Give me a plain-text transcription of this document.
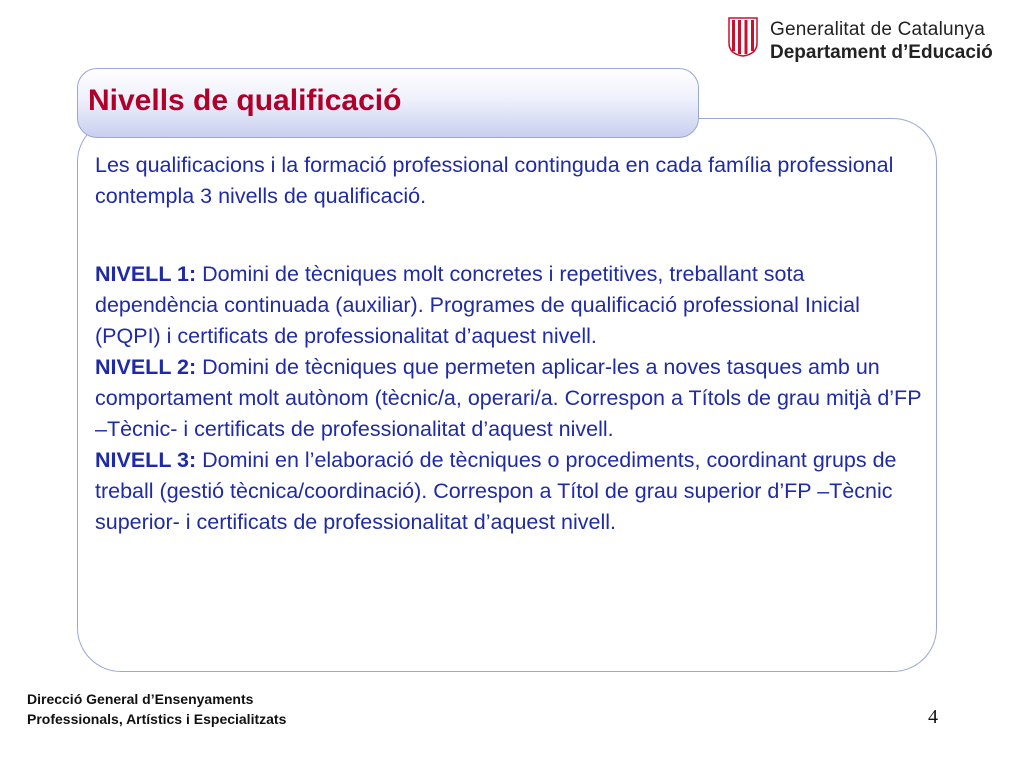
Generalitat de Catalunya
Departament d’Educació
Nivells de qualificació

Les qualificacions i la formació professional continguda en cada família professional contempla 3 nivells de qualificació.

NIVELL 1: Domini de tècniques molt concretes i repetitives, treballant sota dependència continuada (auxiliar). Programes de qualificació professional Inicial (PQPI) i certificats de professionalitat d’aquest nivell.

NIVELL 2: Domini de tècniques que permeten aplicar-les a noves tasques amb un comportament molt autònom (tècnic/a, operari/a. Correspon a Títols de grau mitjà d’FP –Tècnic- i certificats de professionalitat d’aquest nivell.

NIVELL 3: Domini en l’elaboració de tècniques o procediments, coordinant grups de treball (gestió tècnica/coordinació). Correspon a Títol de grau superior d’FP –Tècnic superior- i certificats de professionalitat d’aquest nivell.

Direcció General d’Ensenyaments
Professionals, Artístics i Especialitzats	4
